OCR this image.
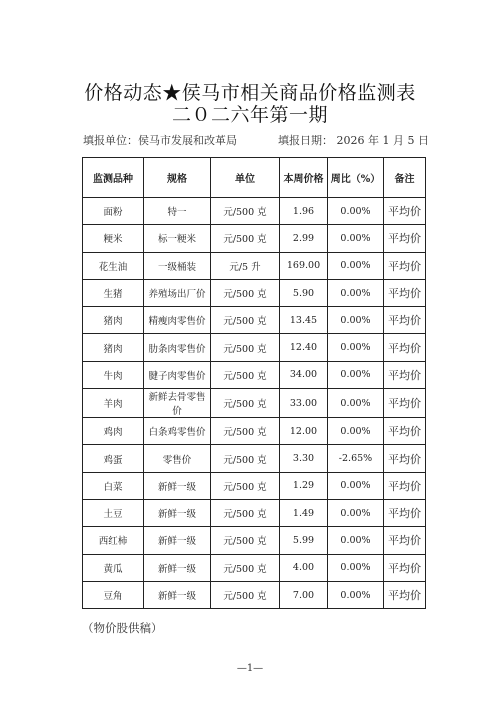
价格动态★侯马市相关商品价格监测表
二０二六年第一期
填报单位：侯马市发展和改革局	填报日期： 2026 年 1 月 5 日
监测品种	规格	单位	本周价格	周比（%）	备注
面粉	特一	元/500 克	1.96	0.00%	平均价
粳米	标一粳米	元/500 克	2.99	0.00%	平均价
花生油	一级桶装	元/5 升	169.00	0.00%	平均价
生猪	养殖场出厂价	元/500 克	5.90	0.00%	平均价
猪肉	精瘦肉零售价	元/500 克	13.45	0.00%	平均价
猪肉	肋条肉零售价	元/500 克	12.40	0.00%	平均价
牛肉	腱子肉零售价	元/500 克	34.00	0.00%	平均价
羊肉	新鲜去骨零售价	元/500 克	33.00	0.00%	平均价
鸡肉	白条鸡零售价	元/500 克	12.00	0.00%	平均价
鸡蛋	零售价	元/500 克	3.30	-2.65%	平均价
白菜	新鲜一级	元/500 克	1.29	0.00%	平均价
土豆	新鲜一级	元/500 克	1.49	0.00%	平均价
西红柿	新鲜一级	元/500 克	5.99	0.00%	平均价
黄瓜	新鲜一级	元/500 克	4.00	0.00%	平均价
豆角	新鲜一级	元/500 克	7.00	0.00%	平均价
（物价股供稿）
—1—
